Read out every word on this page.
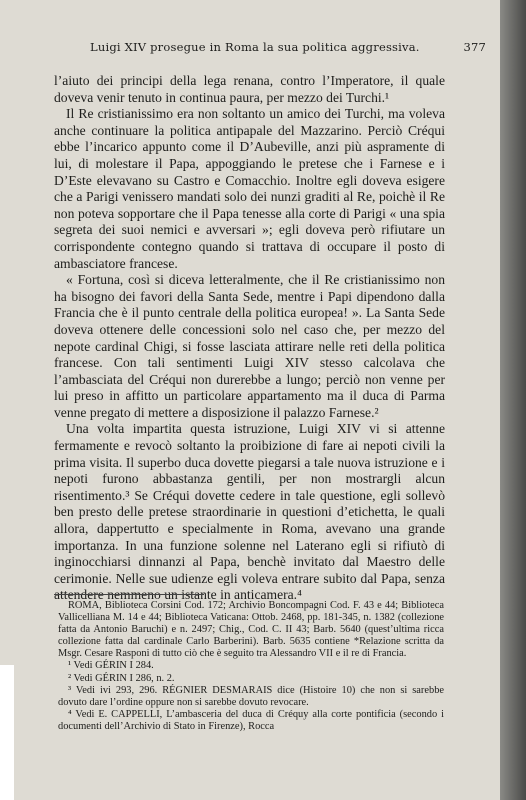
Luigi XIV prosegue in Roma la sua politica aggressiva.	377

l’aiuto dei principi della lega renana, contro l’Imperatore, il quale doveva venir tenuto in continua paura, per mezzo dei Turchi.¹

Il Re cristianissimo era non soltanto un amico dei Turchi, ma voleva anche continuare la politica antipapale del Mazzarino. Perciò Créqui ebbe l’incarico appunto come il D’Aubeville, anzi più aspramente di lui, di molestare il Papa, appoggiando le pretese che i Farnese e i D’Este elevavano su Castro e Comacchio. Inoltre egli doveva esigere che a Parigi venissero mandati solo dei nunzi graditi al Re, poichè il Re non poteva sopportare che il Papa tenesse alla corte di Parigi « una spia segreta dei suoi nemici e avversari »; egli doveva però rifiutare un corrispondente contegno quando si trattava di occupare il posto di ambasciatore francese.

« Fortuna, così si diceva letteralmente, che il Re cristianissimo non ha bisogno dei favori della Santa Sede, mentre i Papi dipendono dalla Francia che è il punto centrale della politica europea! ». La Santa Sede doveva ottenere delle concessioni solo nel caso che, per mezzo del nepote cardinal Chigi, si fosse lasciata attirare nelle reti della politica francese. Con tali sentimenti Luigi XIV stesso calcolava che l’ambasciata del Créqui non durerebbe a lungo; perciò non venne per lui preso in affitto un particolare appartamento ma il duca di Parma venne pregato di mettere a disposizione il palazzo Farnese.²

Una volta impartita questa istruzione, Luigi XIV vi si attenne fermamente e revocò soltanto la proibizione di fare ai nepoti civili la prima visita. Il superbo duca dovette piegarsi a tale nuova istruzione e i nepoti furono abbastanza gentili, per non mostrargli alcun risentimento.³ Se Créqui dovette cedere in tale questione, egli sollevò ben presto delle pretese straordinarie in questioni d’etichetta, le quali allora, dappertutto e specialmente in Roma, avevano una grande importanza. In una funzione solenne nel Laterano egli si rifiutò di inginocchiarsi dinnanzi al Papa, benchè invitato dal Maestro delle cerimonie. Nelle sue udienze egli voleva entrare subito dal Papa, senza attendere nemmeno un istante in anticamera.⁴

ROMA, Biblioteca Corsini Cod. 172; Archivio Boncompagni Cod. F. 43 e 44; Biblioteca Vallicelliana M. 14 e 44; Biblioteca Vaticana: Ottob. 2468, pp. 181-345, n. 1382 (collezione fatta da Antonio Baruchi) e n. 2497; Chig., Cod. C. II 43; Barb. 5640 (quest’ultima ricca collezione fatta dal cardinale Carlo Barberini). Barb. 5635 contiene *Relazione scritta da Msgr. Cesare Rasponi di tutto ciò che è seguito tra Alessandro VII e il re di Francia.

¹ Vedi GÉRIN I 284.

² Vedi GÉRIN I 286, n. 2.

³ Vedi ivi 293, 296. RÉGNIER DESMARAIS dice (Histoire 10) che non si sarebbe dovuto dare l’ordine oppure non si sarebbe dovuto revocare.

⁴ Vedi E. CAPPELLI, L’ambasceria del duca di Créquy alla corte pontificia (secondo i documenti dell’Archivio di Stato in Firenze), Rocca
